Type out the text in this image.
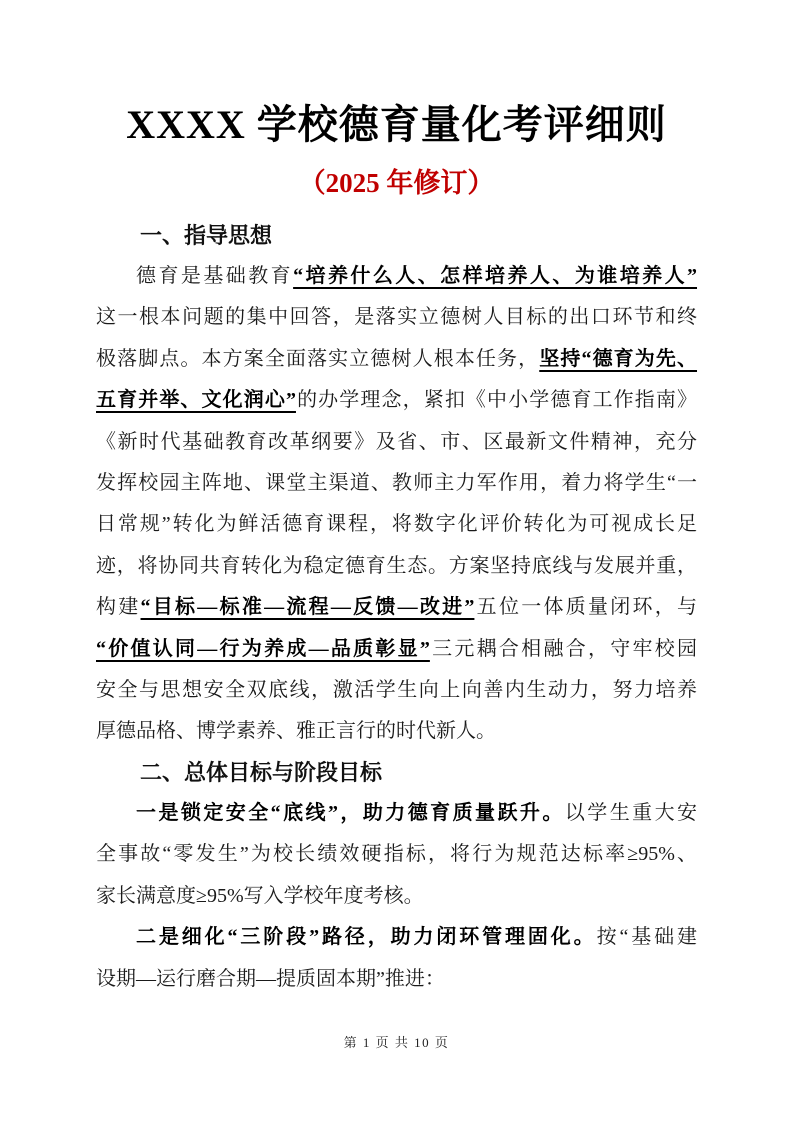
XXXX 学校德育量化考评细则
（2025 年修订）
一、指导思想
德育是基础教育“培养什么人、怎样培养人、为谁培养人”
这一根本问题的集中回答，是落实立德树人目标的出口环节和终
极落脚点。本方案全面落实立德树人根本任务，坚持“德育为先、
五育并举、文化润心”的办学理念，紧扣《中小学德育工作指南》
《新时代基础教育改革纲要》及省、市、区最新文件精神，充分
发挥校园主阵地、课堂主渠道、教师主力军作用，着力将学生“一
日常规”转化为鲜活德育课程，将数字化评价转化为可视成长足
迹，将协同共育转化为稳定德育生态。方案坚持底线与发展并重，
构建“目标—标准—流程—反馈—改进”五位一体质量闭环，与
“价值认同—行为养成—品质彰显”三元耦合相融合，守牢校园
安全与思想安全双底线，激活学生向上向善内生动力，努力培养
厚德品格、博学素养、雅正言行的时代新人。
二、总体目标与阶段目标
一是锁定安全“底线”，助力德育质量跃升。以学生重大安
全事故“零发生”为校长绩效硬指标，将行为规范达标率≥95%、
家长满意度≥95%写入学校年度考核。
二是细化“三阶段”路径，助力闭环管理固化。按“基础建
设期—运行磨合期—提质固本期”推进：
第 1 页 共 10 页
